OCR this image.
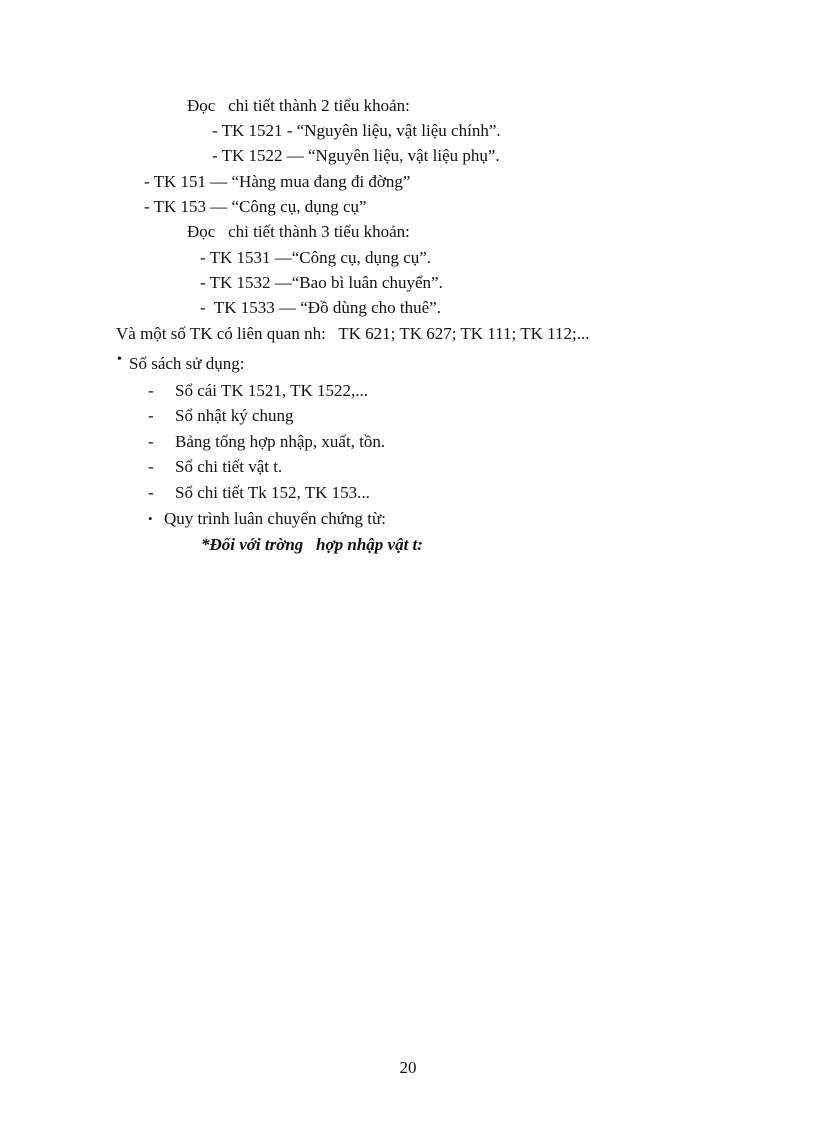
Đọc   chi tiết thành 2 tiểu khoản:
- TK 1521 - “Nguyên liệu, vật liệu chính”.
- TK 1522 — “Nguyên liệu, vật liệu phụ”.
- TK 151 — “Hàng mua đang đi đờng”
- TK 153 — “Công cụ, dụng cụ”
Đọc   chi tiết thành 3 tiểu khoản:
- TK 1531 —“Công cụ, dụng cụ”.
- TK 1532 —“Bao bì luân chuyển”.
-  TK 1533 — “Đồ dùng cho thuê”.
Và một số TK có liên quan nh:   TK 621; TK 627; TK 111; TK 112;...
• Sổ sách sử dụng:
- Sổ cái TK 1521, TK 1522,...
- Sổ nhật ký chung
- Bảng tổng hợp nhập, xuất, tồn.
- Sổ chi tiết vật t.
- Sổ chi tiết Tk 152, TK 153...
• Quy trình luân chuyển chứng từ:
*Đối với trờng   hợp nhập vật t:
20
